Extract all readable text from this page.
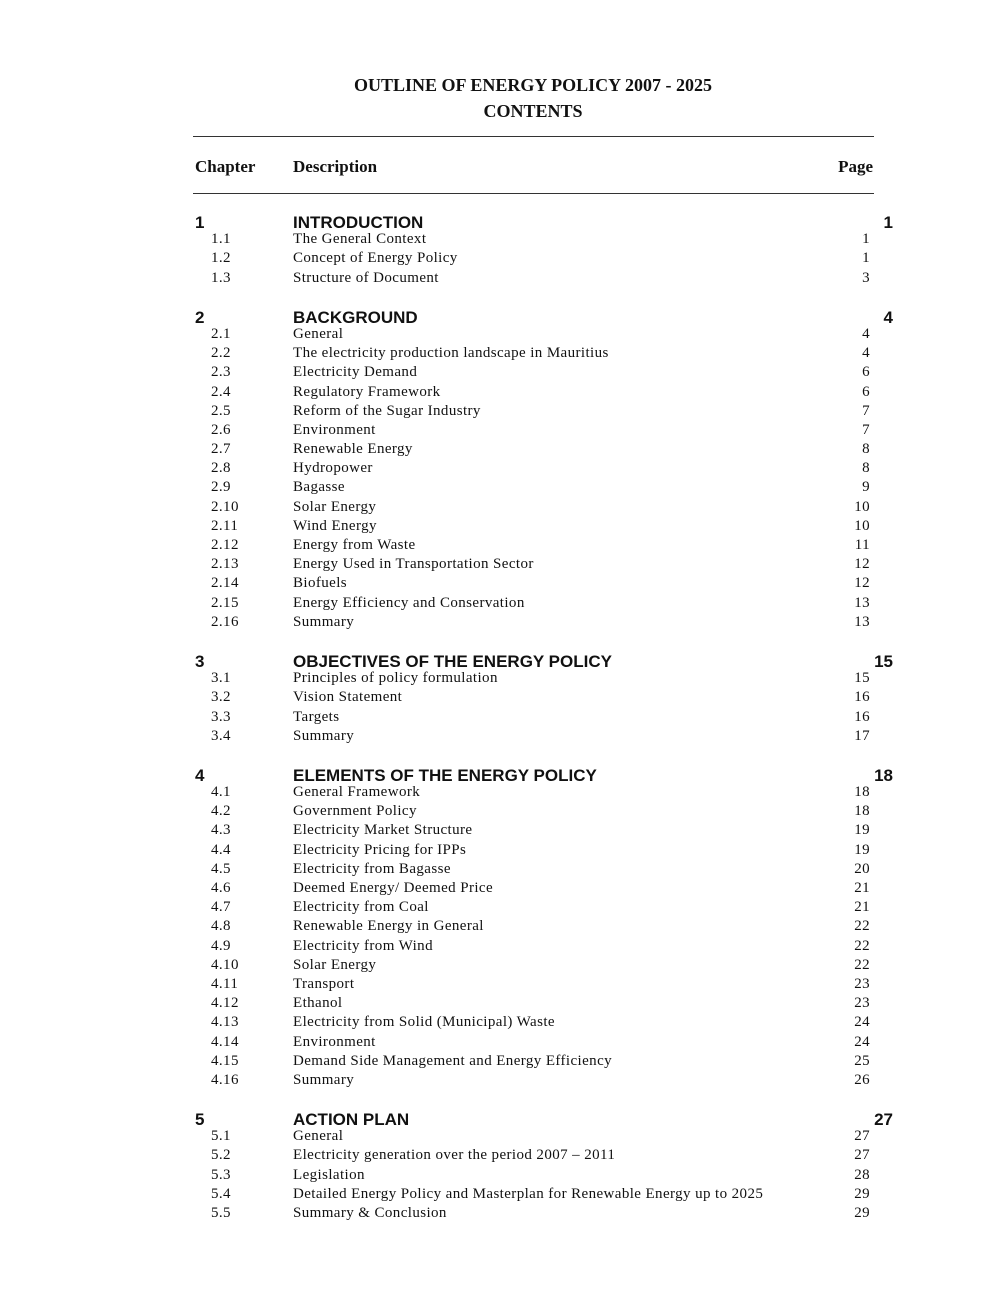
OUTLINE OF ENERGY POLICY 2007 - 2025
CONTENTS
Chapter Description	Page
1	INTRODUCTION	1
1.1	The General Context	1
1.2	Concept of Energy Policy	1
1.3	Structure of Document	3
2	BACKGROUND	4
2.1	General	4
2.2	The electricity production landscape in Mauritius	4
2.3	Electricity Demand	6
2.4	Regulatory Framework	6
2.5	Reform of the Sugar Industry	7
2.6	Environment	7
2.7	Renewable Energy	8
2.8	Hydropower	8
2.9	Bagasse	9
2.10	Solar Energy	10
2.11	Wind Energy	10
2.12	Energy from Waste	11
2.13	Energy Used in Transportation Sector	12
2.14	Biofuels	12
2.15	Energy Efficiency and Conservation	13
2.16	Summary	13
3	OBJECTIVES OF THE ENERGY POLICY	15
3.1	Principles of policy formulation	15
3.2	Vision Statement	16
3.3	Targets	16
3.4	Summary	17
4	ELEMENTS OF THE ENERGY POLICY	18
4.1	General Framework	18
4.2	Government Policy	18
4.3	Electricity Market Structure	19
4.4	Electricity Pricing for IPPs	19
4.5	Electricity from Bagasse	20
4.6	Deemed Energy/ Deemed Price	21
4.7	Electricity from Coal	21
4.8	Renewable Energy in General	22
4.9	Electricity from Wind	22
4.10	Solar Energy	22
4.11	Transport	23
4.12	Ethanol	23
4.13	Electricity from Solid (Municipal) Waste	24
4.14	Environment	24
4.15	Demand Side Management and Energy Efficiency	25
4.16	Summary	26
5	ACTION PLAN	27
5.1	General	27
5.2	Electricity generation over the period 2007 – 2011	27
5.3	Legislation	28
5.4	Detailed Energy Policy and Masterplan for Renewable Energy up to 2025	29
5.5	Summary & Conclusion	29
